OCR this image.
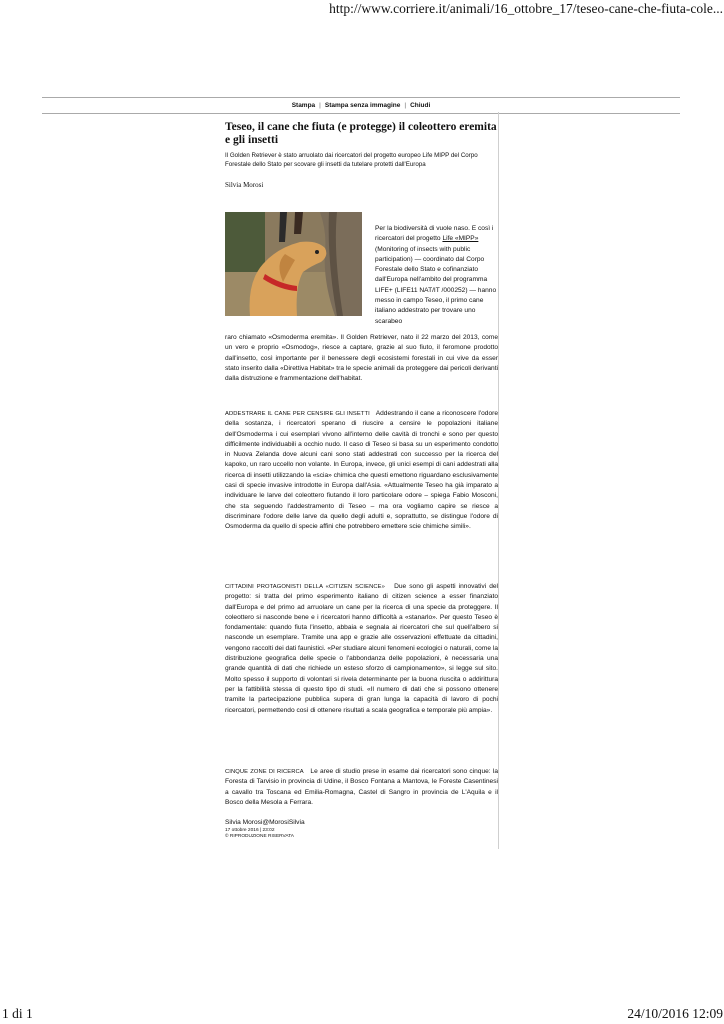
http://www.corriere.it/animali/16_ottobre_17/teseo-cane-che-fiuta-cole...
Stampa | Stampa senza immagine | Chiudi
Teseo, il cane che fiuta (e protegge) il coleottero eremita e gli insetti
Il Golden Retriever è stato arruolato dai ricercatori del progetto europeo Life MIPP del Corpo Forestale dello Stato per scovare gli insetti da tutelare protetti dall'Europa
Silvia Morosi
Per la biodiversità di vuole naso. E così i ricercatori del progetto Life «MIPP» (Monitoring of insects with public participation) — coordinato dal Corpo Forestale dello Stato e cofinanziato dall'Europa nell'ambito del programma LIFE+ (LIFE11 NAT/IT /000252) — hanno messo in campo Teseo, il primo cane italiano addestrato per trovare uno scarabeo
raro chiamato «Osmoderma eremita». Il Golden Retriever, nato il 22 marzo del 2013, come un vero e proprio «Osmodog», riesce a captare, grazie al suo fiuto, il feromone prodotto dall'insetto, così importante per il benessere degli ecosistemi forestali in cui vive da esser stato inserito dalla «Direttiva Habitat» tra le specie animali da proteggere dai pericoli derivanti dalla distruzione e frammentazione dell'habitat.
ADDESTRARE IL CANE PER CENSIRE GLI INSETTI Addestrando il cane a riconoscere l'odore della sostanza, i ricercatori sperano di riuscire a censire le popolazioni italiane dell'Osmoderma i cui esemplari vivono all'interno delle cavità di tronchi e sono per questo difficilmente individuabili a occhio nudo. Il caso di Teseo si basa su un esperimento condotto in Nuova Zelanda dove alcuni cani sono stati addestrati con successo per la ricerca del kapoko, un raro uccello non volante. In Europa, invece, gli unici esempi di cani addestrati alla ricerca di insetti utilizzando la «scia» chimica che questi emettono riguardano esclusivamente casi di specie invasive introdotte in Europa dall'Asia. «Attualmente Teseo ha già imparato a individuare le larve del coleottero fiutando il loro particolare odore – spiega Fabio Mosconi, che sta seguendo l'addestramento di Teseo – ma ora vogliamo capire se riesce a discriminare l'odore delle larve da quello degli adulti e, soprattutto, se distingue l'odore di Osmoderma da quello di specie affini che potrebbero emettere scie chimiche simili».
CITTADINI PROTAGONISTI DELLA «CITIZEN SCIENCE» Due sono gli aspetti innovativi del progetto: si tratta del primo esperimento italiano di citizen science a esser finanziato dall'Europa e del primo ad arruolare un cane per la ricerca di una specie da proteggere. Il coleottero si nasconde bene e i ricercatori hanno difficoltà a «stanarlo». Per questo Teseo è fondamentale: quando fiuta l'insetto, abbaia e segnala ai ricercatori che sul quell'albero si nasconde un esemplare. Tramite una app e grazie alle osservazioni effettuate da cittadini, vengono raccolti dei dati faunistici. «Per studiare alcuni fenomeni ecologici o naturali, come la distribuzione geografica delle specie o l'abbondanza delle popolazioni, è necessaria una grande quantità di dati che richiede un esteso sforzo di campionamento», si legge sul sito. Molto spesso il supporto di volontari si rivela determinante per la buona riuscita o addirittura per la fattibilità stessa di questo tipo di studi. «Il numero di dati che si possono ottenere tramite la partecipazione pubblica supera di gran lunga la capacità di lavoro di pochi ricercatori, permettendo così di ottenere risultati a scala geografica e temporale più ampia».
CINQUE ZONE DI RICERCA Le aree di studio prese in esame dai ricercatori sono cinque: la Foresta di Tarvisio in provincia di Udine, il Bosco Fontana a Mantova, le Foreste Casentinesi a cavallo tra Toscana ed Emilia-Romagna, Castel di Sangro in provincia de L'Aquila e il Bosco della Mesola a Ferrara.
Silvia Morosi@MorosiSilvia
17 ottobre 2016 | 23:02
© RIPRODUZIONE RISERVATA
1 di 1	24/10/2016 12:09
